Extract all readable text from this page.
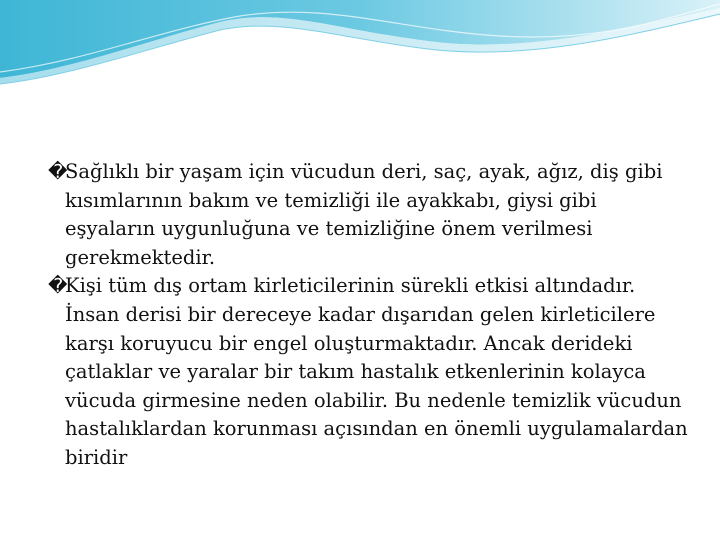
�
Sağlıklı bir yaşam için vücudun deri, saç, ayak, ağız, diş gibi kısımlarının bakım ve temizliği ile ayakkabı, giysi gibi eşyaların uygunluğuna ve temizliğine önem verilmesi gerekmektedir.

�
Kişi tüm dış ortam kirleticilerinin sürekli etkisi altındadır. İnsan derisi bir dereceye kadar dışarıdan gelen kirleticilere karşı koruyucu bir engel oluşturmaktadır. Ancak derideki çatlaklar ve yaralar bir takım hastalık etkenlerinin kolayca vücuda girmesine neden olabilir. Bu nedenle temizlik vücudun hastalıklardan korunması açısından en önemli uygulamalardan biridir
